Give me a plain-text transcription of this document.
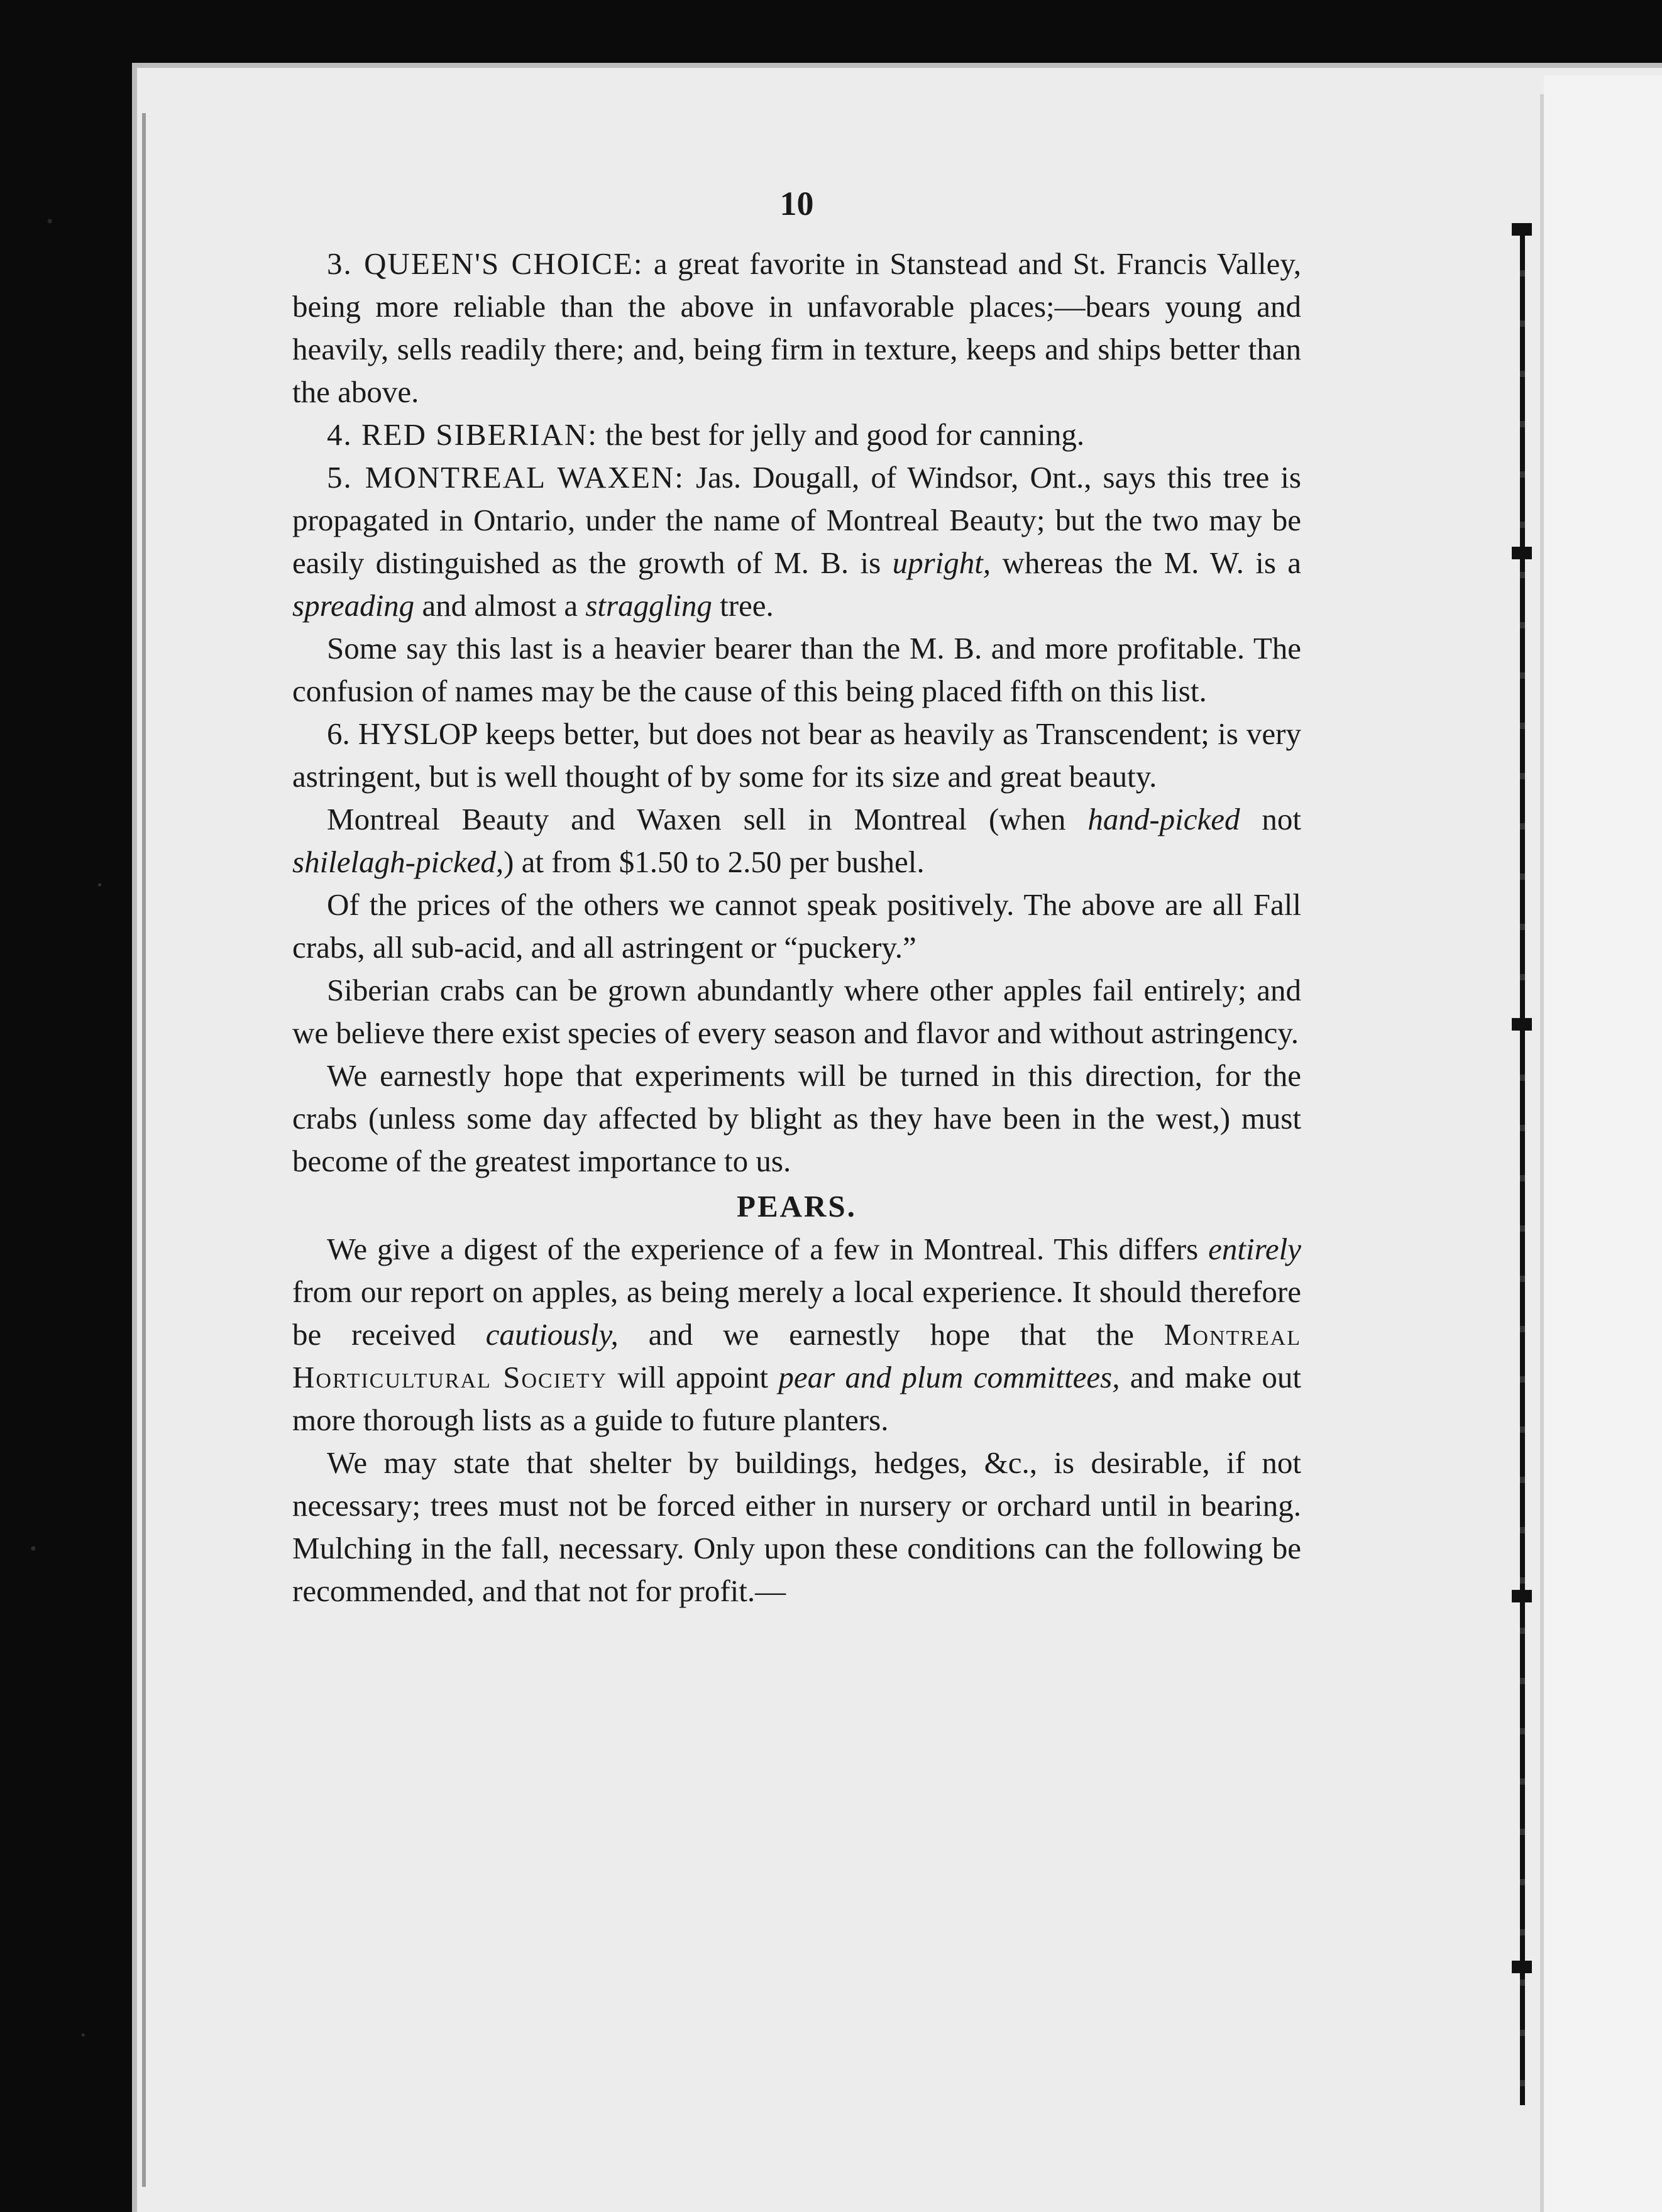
10

3. QUEEN'S CHOICE: a great favorite in Stanstead and St. Francis Valley, being more reliable than the above in unfavorable places;—bears young and heavily, sells readily there; and, being firm in texture, keeps and ships better than the above.

4. RED SIBERIAN: the best for jelly and good for canning.

5. MONTREAL WAXEN: Jas. Dougall, of Windsor, Ont., says this tree is propagated in Ontario, under the name of Montreal Beauty; but the two may be easily distinguished as the growth of M. B. is upright, whereas the M. W. is a spreading and almost a straggling tree.

Some say this last is a heavier bearer than the M. B. and more profitable. The confusion of names may be the cause of this being placed fifth on this list.

6. HYSLOP keeps better, but does not bear as heavily as Transcendent; is very astringent, but is well thought of by some for its size and great beauty.

Montreal Beauty and Waxen sell in Montreal (when hand-picked not shilelagh-picked,) at from $1.50 to 2.50 per bushel.

Of the prices of the others we cannot speak positively. The above are all Fall crabs, all sub-acid, and all astringent or “puckery.”

Siberian crabs can be grown abundantly where other apples fail entirely; and we believe there exist species of every season and flavor and without astringency.

We earnestly hope that experiments will be turned in this direction, for the crabs (unless some day affected by blight as they have been in the west,) must become of the greatest importance to us.

PEARS.

We give a digest of the experience of a few in Montreal. This differs entirely from our report on apples, as being merely a local experience. It should therefore be received cautiously, and we earnestly hope that the Montreal Horticultural Society will appoint pear and plum committees, and make out more thorough lists as a guide to future planters.

We may state that shelter by buildings, hedges, &c., is desirable, if not necessary; trees must not be forced either in nursery or orchard until in bearing. Mulching in the fall, necessary. Only upon these conditions can the following be recommended, and that not for profit.—
